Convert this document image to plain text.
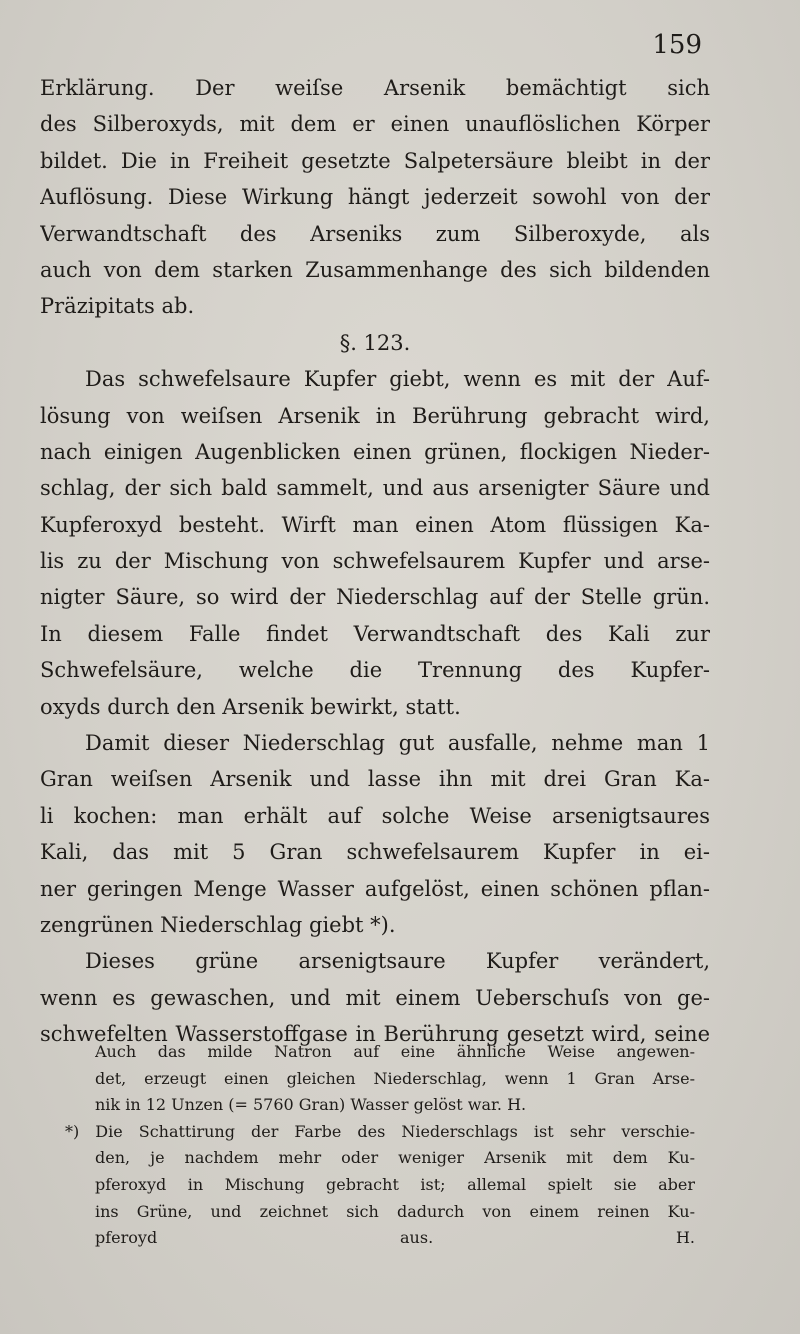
159
Erklärung. Der weiſse Arsenik bemächtigt sich
des Silberoxyds, mit dem er einen unauflöslichen Körper
bildet. Die in Freiheit gesetzte Salpetersäure bleibt in der
Auflösung. Diese Wirkung hängt jederzeit sowohl von der
Verwandtschaft des Arseniks zum Silberoxyde, als
auch von dem starken Zusammenhange des sich bildenden
Präzipitats ab.
§. 123.
Das schwefelsaure Kupfer giebt, wenn es mit der Auf-
lösung von weiſsen Arsenik in Berührung gebracht wird,
nach einigen Augenblicken einen grünen, flockigen Nieder-
schlag, der sich bald sammelt, und aus arsenigter Säure und
Kupferoxyd besteht. Wirft man einen Atom flüssigen Ka-
lis zu der Mischung von schwefelsaurem Kupfer und arse-
nigter Säure, so wird der Niederschlag auf der Stelle grün.
In diesem Falle findet Verwandtschaft des Kali zur
Schwefelsäure, welche die Trennung des Kupfer-
oxyds durch den Arsenik bewirkt, statt.
Damit dieser Niederschlag gut ausfalle, nehme man 1
Gran weiſsen Arsenik und lasse ihn mit drei Gran Ka-
li kochen: man erhält auf solche Weise arsenigtsaures
Kali, das mit 5 Gran schwefelsaurem Kupfer in ei-
ner geringen Menge Wasser aufgelöst, einen schönen pflan-
zengrünen Niederschlag giebt *).
Dieses grüne arsenigtsaure Kupfer verändert,
wenn es gewaschen, und mit einem Ueberschuſs von ge-
schwefelten Wasserstoffgase in Berührung gesetzt wird, seine
Auch das milde Natron auf eine ähnliche Weise angewen-
det, erzeugt einen gleichen Niederschlag, wenn 1 Gran Arse-
nik in 12 Unzen (= 5760 Gran) Wasser gelöst war. H.
*) Die Schattirung der Farbe des Niederschlags ist sehr verschie-
den, je nachdem mehr oder weniger Arsenik mit dem Ku-
pferoxyd in Mischung gebracht ist; allemal spielt sie aber
ins Grüne, und zeichnet sich dadurch von einem reinen Ku-
pferoyd aus. H.
